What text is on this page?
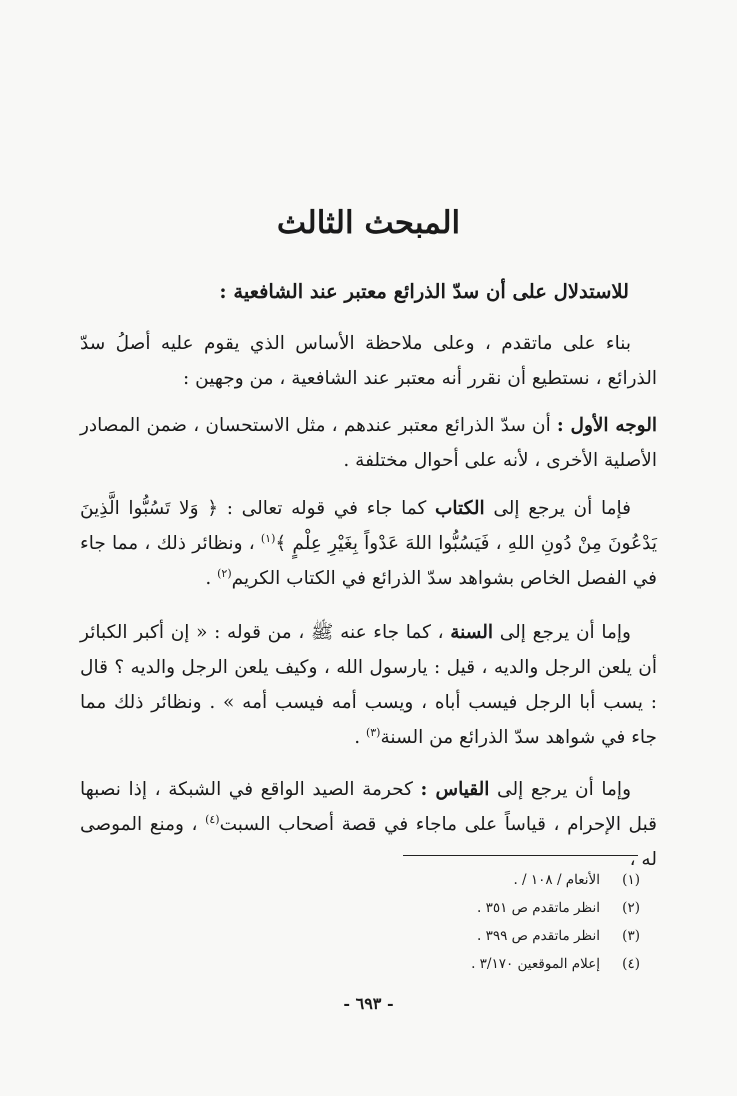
المبحث الثالث
للاستدلال على أن سدّ الذرائع معتبر عند الشافعية :
بناء على ماتقدم ، وعلى ملاحظة الأساس الذي يقوم عليه أصلُ سدّ الذرائع ، نستطيع أن نقرر أنه معتبر عند الشافعية ، من وجهين :
الوجه الأول : أن سدّ الذرائع معتبر عندهم ، مثل الاستحسان ، ضمن المصادر الأصلية الأخرى ، لأنه على أحوال مختلفة .
فإما أن يرجع إلى الكتاب كما جاء في قوله تعالى : ﴿ وَلا تَسُبُّوا الَّذِينَ يَدْعُونَ مِنْ دُونِ اللهِ ، فَيَسُبُّوا اللهَ عَدْواً بِغَيْرِ عِلْمٍ ﴾$^{(١)}$ ، ونظائر ذلك ، مما جاء في الفصل الخاص بشواهد سدّ الذرائع في الكتاب الكريم$^{(٢)}$ .
وإما أن يرجع إلى السنة ، كما جاء عنه ﷺ ، من قوله : « إن أكبر الكبائر أن يلعن الرجل والديه ، قيل : يارسول الله ، وكيف يلعن الرجل والديه ؟ قال : يسب أبا الرجل فيسب أباه ، ويسب أمه فيسب أمه » . ونظائر ذلك مما جاء في شواهد سدّ الذرائع من السنة$^{(٣)}$ .
وإما أن يرجع إلى القياس : كحرمة الصيد الواقع في الشبكة ، إذا نصبها قبل الإحرام ، قياساً على ماجاء في قصة أصحاب السبت$^{(٤)}$ ، ومنع الموصى له ،
(١)
الأنعام / ١٠٨ / .
(٢)
انظر ماتقدم ص ٣٥١ .
(٣)
انظر ماتقدم ص ٣٩٩ .
(٤)
إعلام الموقعين ٣/١٧٠ .
- ٦٩٣ -
